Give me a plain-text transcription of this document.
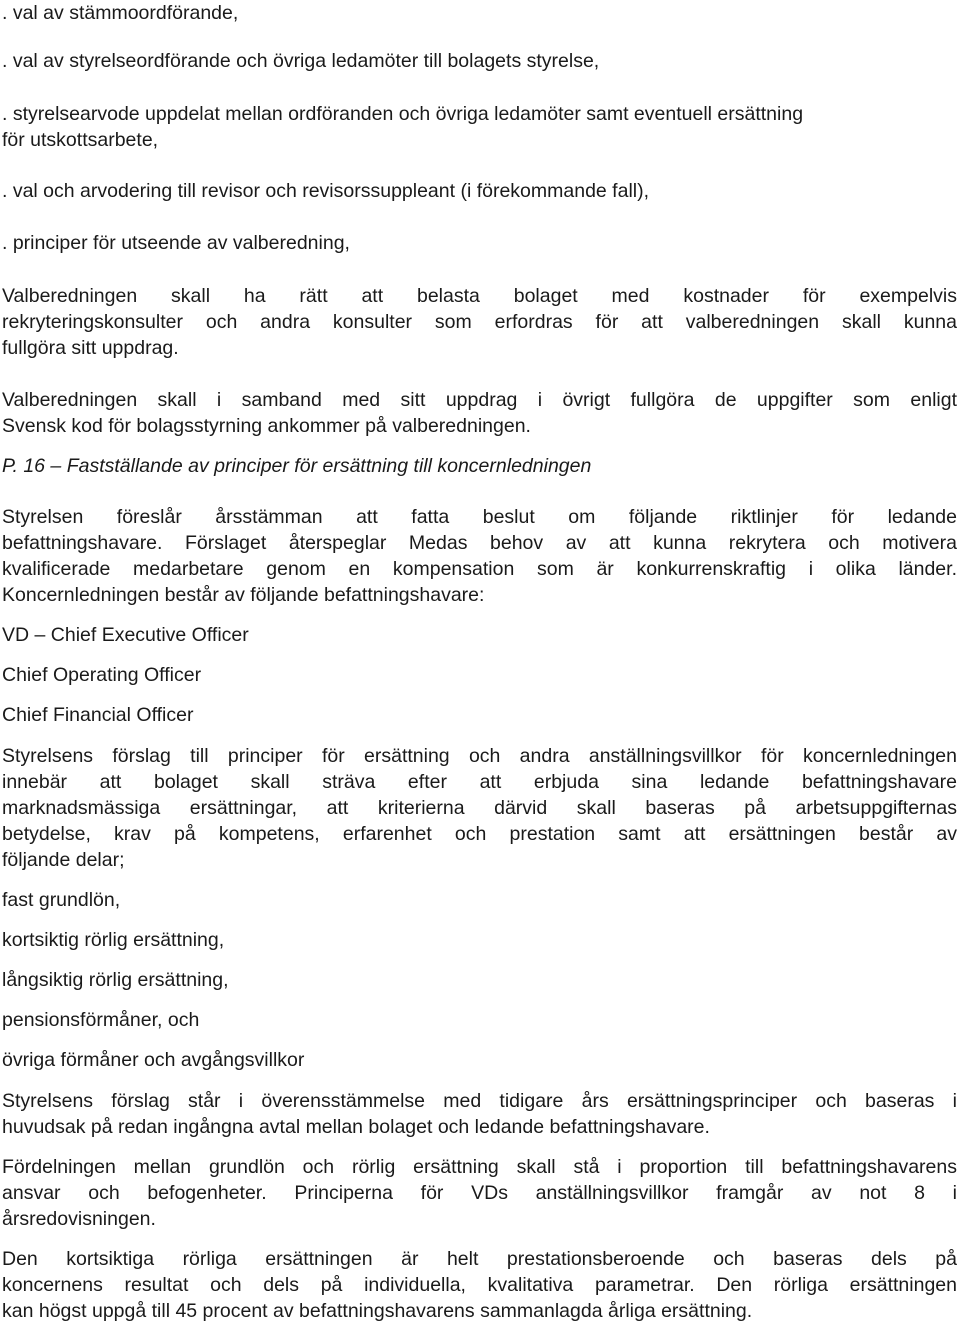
. val av stämmoordförande,
. val av styrelseordförande och övriga ledamöter till bolagets styrelse,
. styrelsearvode uppdelat mellan ordföranden och övriga ledamöter samt eventuell ersättning
för utskottsarbete,
. val och arvodering till revisor och revisorssuppleant (i förekommande fall),
. principer för utseende av valberedning,
Valberedningen skall ha rätt att belasta bolaget med kostnader för exempelvis
rekryteringskonsulter och andra konsulter som erfordras för att valberedningen skall kunna
fullgöra sitt uppdrag.
Valberedningen skall i samband med sitt uppdrag i övrigt fullgöra de uppgifter som enligt
Svensk kod för bolagsstyrning ankommer på valberedningen.
P. 16 – Fastställande av principer för ersättning till koncernledningen
Styrelsen föreslår årsstämman att fatta beslut om följande riktlinjer för ledande
befattningshavare. Förslaget återspeglar Medas behov av att kunna rekrytera och motivera
kvalificerade medarbetare genom en kompensation som är konkurrenskraftig i olika länder.
Koncernledningen består av följande befattningshavare:
VD – Chief Executive Officer
Chief Operating Officer
Chief Financial Officer
Styrelsens förslag till principer för ersättning och andra anställningsvillkor för koncernledningen
innebär att bolaget skall sträva efter att erbjuda sina ledande befattningshavare
marknadsmässiga ersättningar, att kriterierna därvid skall baseras på arbetsuppgifternas
betydelse, krav på kompetens, erfarenhet och prestation samt att ersättningen består av
följande delar;
fast grundlön,
kortsiktig rörlig ersättning,
långsiktig rörlig ersättning,
pensionsförmåner, och
övriga förmåner och avgångsvillkor
Styrelsens förslag står i överensstämmelse med tidigare års ersättningsprinciper och baseras i
huvudsak på redan ingångna avtal mellan bolaget och ledande befattningshavare.
Fördelningen mellan grundlön och rörlig ersättning skall stå i proportion till befattningshavarens
ansvar och befogenheter. Principerna för VDs anställningsvillkor framgår av not 8 i
årsredovisningen.
Den kortsiktiga rörliga ersättningen är helt prestationsberoende och baseras dels på
koncernens resultat och dels på individuella, kvalitativa parametrar. Den rörliga ersättningen
kan högst uppgå till 45 procent av befattningshavarens sammanlagda årliga ersättning.
